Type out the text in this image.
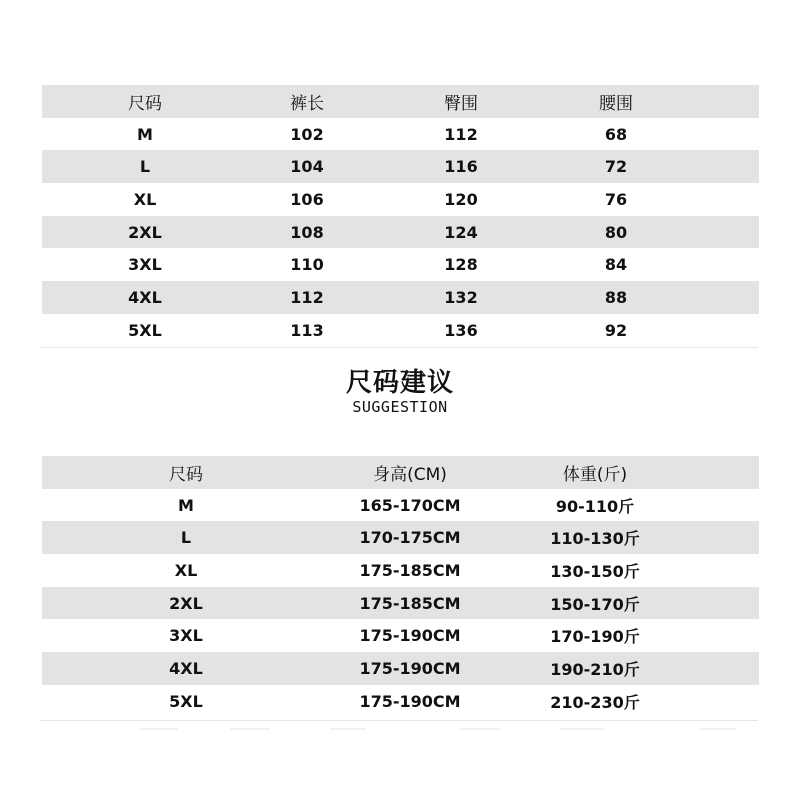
尺码	裤长	臀围	腰围
M	102	112	68
L	104	116	72
XL	106	120	76
2XL	108	124	80
3XL	110	128	84
4XL	112	132	88
5XL	113	136	92
尺码建议
SUGGESTION
尺码	身高(CM)	体重(斤)
M	165-170CM	90-110斤
L	170-175CM	110-130斤
XL	175-185CM	130-150斤
2XL	175-185CM	150-170斤
3XL	175-190CM	170-190斤
4XL	175-190CM	190-210斤
5XL	175-190CM	210-230斤
